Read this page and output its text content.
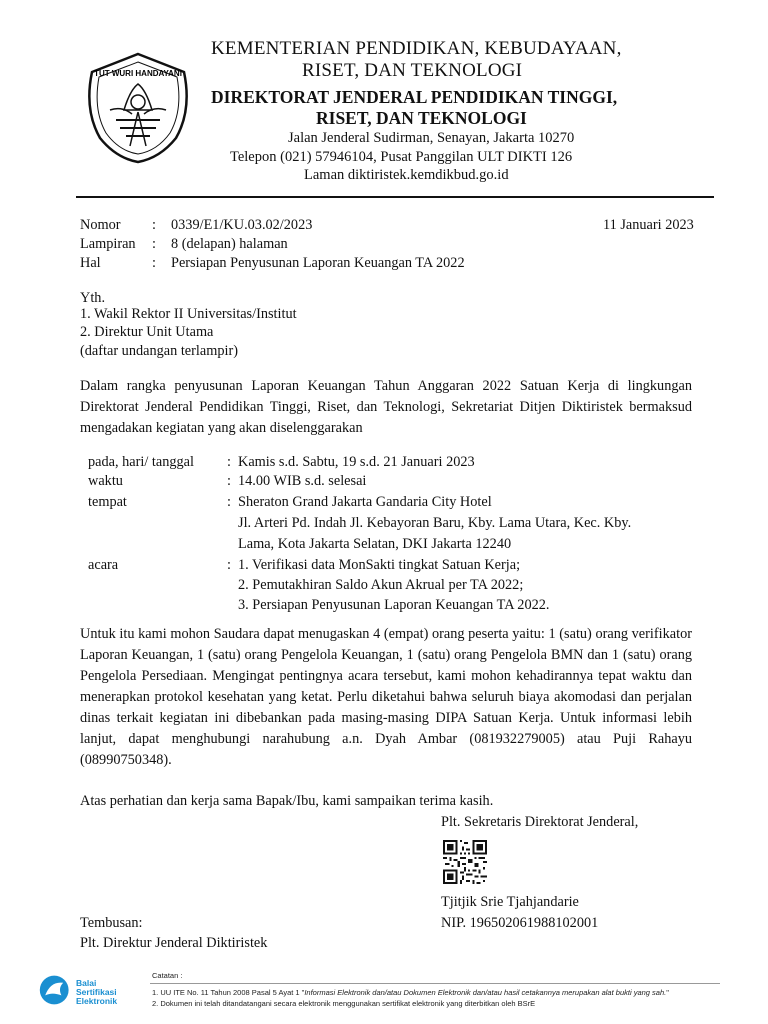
TUT WURI HANDAYANI
KEMENTERIAN PENDIDIKAN, KEBUDAYAAN,
RISET, DAN TEKNOLOGI
DIREKTORAT JENDERAL PENDIDIKAN TINGGI,
RISET, DAN TEKNOLOGI
Jalan Jenderal Sudirman, Senayan, Jakarta 10270
Telepon (021) 57946104, Pusat Panggilan ULT DIKTI 126
Laman diktiristek.kemdikbud.go.id
Nomor : 0339/E1/KU.03.02/2023	11 Januari 2023
Lampiran : 8 (delapan) halaman
Hal	: Persiapan Penyusunan Laporan Keuangan TA 2022
Yth.
1. Wakil Rektor II Universitas/Institut
2. Direktur Unit Utama
(daftar undangan terlampir)
Dalam rangka penyusunan Laporan Keuangan Tahun Anggaran 2022 Satuan Kerja di lingkungan Direktorat Jenderal Pendidikan Tinggi, Riset, dan Teknologi, Sekretariat Ditjen Diktiristek bermaksud mengadakan kegiatan yang akan diselenggarakan
pada, hari/ tanggal : Kamis s.d. Sabtu, 19 s.d. 21 Januari 2023
waktu	: 14.00 WIB s.d. selesai
tempat	: Sheraton Grand Jakarta Gandaria City Hotel
Jl. Arteri Pd. Indah Jl. Kebayoran Baru, Kby. Lama Utara, Kec. Kby.
Lama, Kota Jakarta Selatan, DKI Jakarta 12240
acara	: 1. Verifikasi data MonSakti tingkat Satuan Kerja;
2. Pemutakhiran Saldo Akun Akrual per TA 2022;
3. Persiapan Penyusunan Laporan Keuangan TA 2022.
Untuk itu kami mohon Saudara dapat menugaskan 4 (empat) orang peserta yaitu: 1 (satu) orang verifikator Laporan Keuangan, 1 (satu) orang Pengelola Keuangan, 1 (satu) orang Pengelola BMN dan 1 (satu) orang Pengelola Persediaan. Mengingat pentingnya acara tersebut, kami mohon kehadirannya tepat waktu dan menerapkan protokol kesehatan yang ketat. Perlu diketahui bahwa seluruh biaya akomodasi dan perjalan dinas terkait kegiatan ini dibebankan pada masing-masing DIPA Satuan Kerja. Untuk informasi lebih lanjut, dapat menghubungi narahubung a.n. Dyah Ambar (081932279005) atau Puji Rahayu (08990750348).
Atas perhatian dan kerja sama Bapak/Ibu, kami sampaikan terima kasih.
Plt. Sekretaris Direktorat Jenderal,
Tjitjik Srie Tjahjandarie
NIP. 196502061988102001
Tembusan:
Plt. Direktur Jenderal Diktiristek
Balai
Sertifikasi
Elektronik
Catatan :
1. UU ITE No. 11 Tahun 2008 Pasal 5 Ayat 1 "Informasi Elektronik dan/atau Dokumen Elektronik dan/atau hasil cetakannya merupakan alat bukti yang sah."
2. Dokumen ini telah ditandatangani secara elektronik menggunakan sertifikat elektronik yang diterbitkan oleh BSrE
